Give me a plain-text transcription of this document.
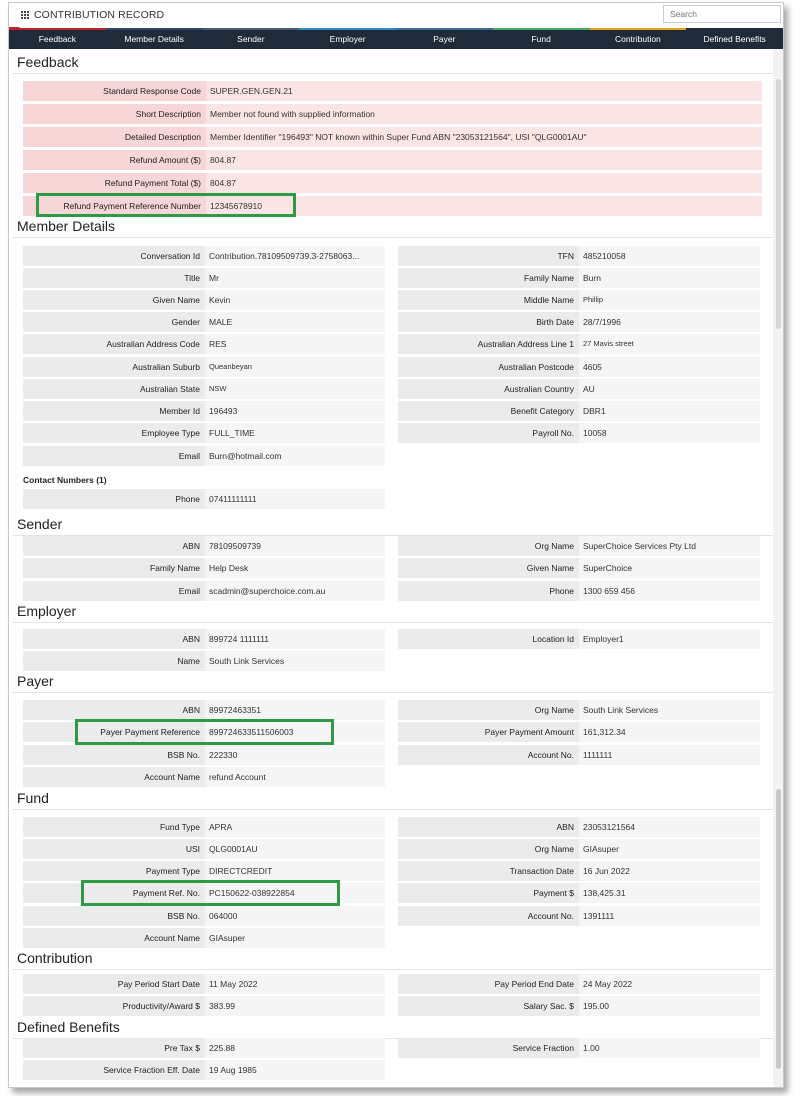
CONTRIBUTION RECORD
Search
Feedback	Member Details	Sender	Employer	Payer	Fund	Contribution	Defined Benefits
Feedback
Standard Response Code	SUPER.GEN.GEN.21
Short Description	Member not found with supplied information
Detailed Description	Member Identifier "196493" NOT known within Super Fund ABN "23053121564", USI "QLG0001AU"
Refund Amount ($)	804.87
Refund Payment Total ($)	804.87
Refund Payment Reference Number	12345678910
Member Details
Conversation Id	Contribution.78109509739.3-2758063...
Title	Mr
Given Name	Kevin
Gender	MALE
Australian Address Code	RES
Australian Suburb	Queanbeyan
Australian State	NSW
Member Id	196493
Employee Type	FULL_TIME
Email	Burn@hotmail.com
TFN	485210058
Family Name	Burn
Middle Name	Phillip
Birth Date	28/7/1996
Australian Address Line 1	27 Mavis street
Australian Postcode	4605
Australian Country	AU
Benefit Category	DBR1
Payroll No.	10058
Contact Numbers (1)
Phone	07411111111
Sender
ABN	78109509739
Family Name	Help Desk
Email	scadmin@superchoice.com.au
Org Name	SuperChoice Services Pty Ltd
Given Name	SuperChoice
Phone	1300 659 456
Employer
ABN	899724 1111111
Name	South Link Services
Location Id	Employer1
Payer
ABN	89972463351
Payer Payment Reference	899724633511506003
BSB No.	222330
Account Name	refund Account
Org Name	South Link Services
Payer Payment Amount	161,312.34
Account No.	1111111
Fund
Fund Type	APRA
USI	QLG0001AU
Payment Type	DIRECTCREDIT
Payment Ref. No.	PC150622-038922854
BSB No.	064000
Account Name	GIAsuper
ABN	23053121564
Org Name	GIAsuper
Transaction Date	16 Jun 2022
Payment $	138,425.31
Account No.	1391111
Contribution
Pay Period Start Date	11 May 2022
Productivity/Award $	383.99
Pay Period End Date	24 May 2022
Salary Sac. $	195.00
Defined Benefits
Pre Tax $	225.88
Service Fraction Eff. Date	19 Aug 1985
Service Fraction	1.00
